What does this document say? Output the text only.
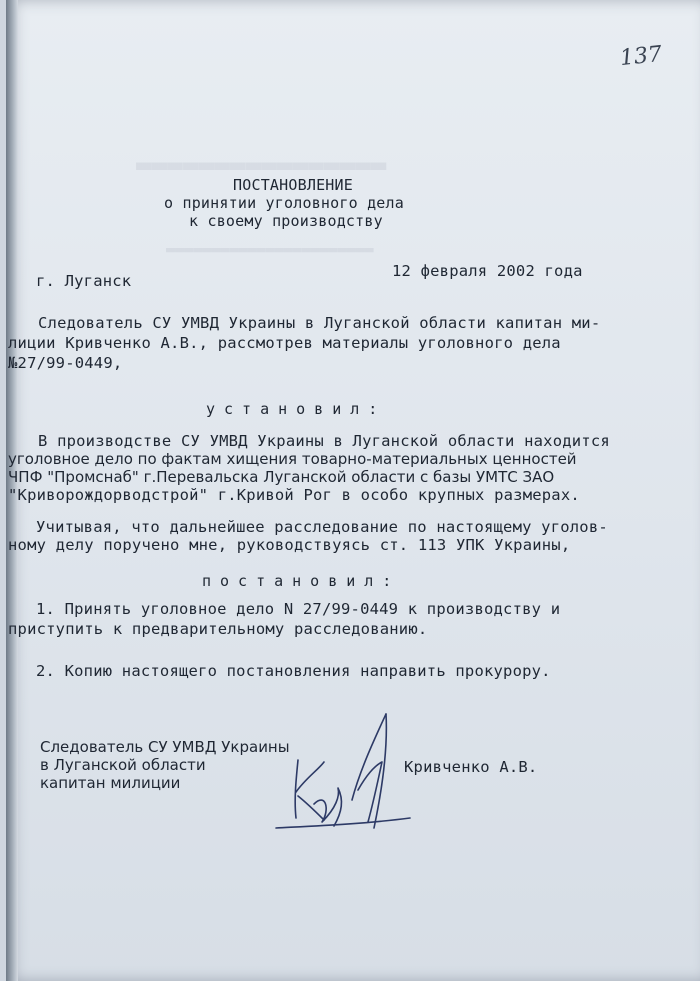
▬▬▬▬▬▬▬▬▬▬▬▬▬▬▬▬
▬▬▬▬▬▬▬▬▬▬▬▬▬▬▬▬▬▬▬▬▬▬▬
137
ПОСТАНОВЛЕНИЕ
о принятии уголовного дела
к своему производству
г. Луганск
12 февраля 2002 года
Следователь СУ УМВД Украины в Луганской области капитан ми-
лиции Кривченко А.В., рассмотрев материалы уголовного дела
№27/99-0449,
установил:
В производстве СУ УМВД Украины в Луганской области находится
уголовное дело по фактам хищения товарно-материальных ценностей
ЧПФ "Промснаб" г.Перевальска Луганской области с базы УМТС ЗАО
"Криворождорводстрой" г.Кривой Рог в особо крупных размерах.
Учитывая, что дальнейшее расследование по настоящему уголов-
ному делу поручено мне, руководствуясь ст. 113 УПК Украины,
постановил:
1. Принять уголовное дело N 27/99-0449 к производству и
приступить к предварительному расследованию.
2. Копию настоящего постановления направить прокурору.
Следователь СУ УМВД Украины
в Луганской области
капитан милиции
Кривченко А.В.
